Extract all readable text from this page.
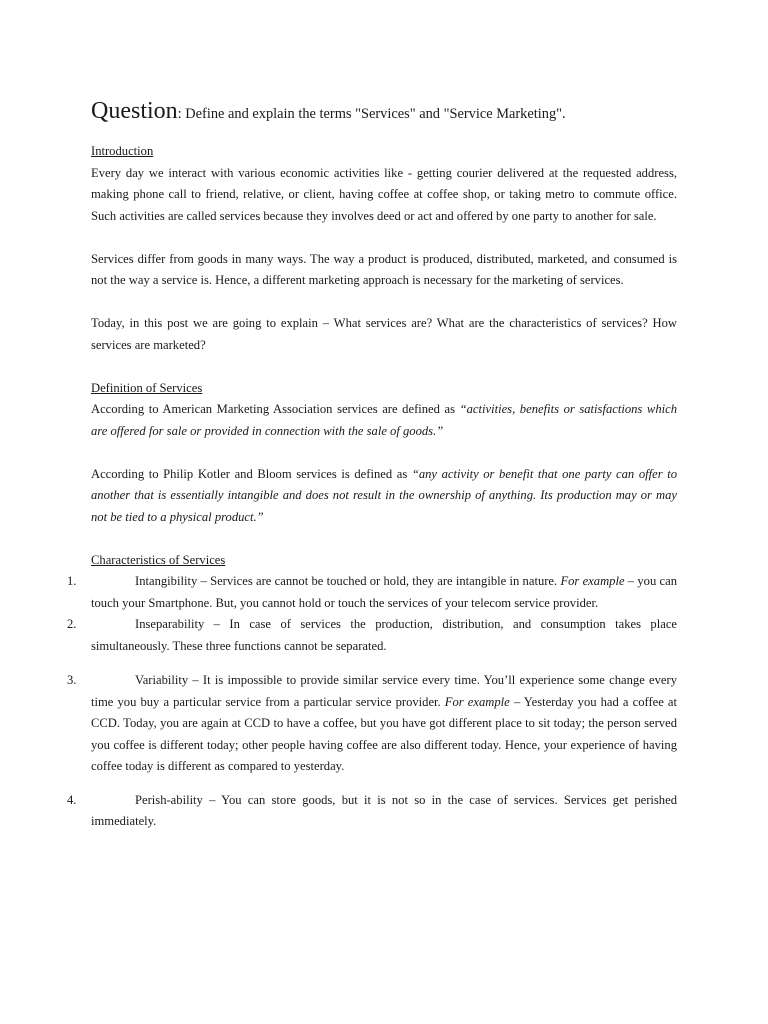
Question: Define and explain the terms "Services" and "Service Marketing".

Introduction

Every day we interact with various economic activities like - getting courier delivered at the requested address, making phone call to friend, relative, or client, having coffee at coffee shop, or taking metro to commute office. Such activities are called services because they involves deed or act and offered by one party to another for sale.

Services differ from goods in many ways. The way a product is produced, distributed, marketed, and consumed is not the way a service is. Hence, a different marketing approach is necessary for the marketing of services.

Today, in this post we are going to explain – What services are? What are the characteristics of services? How services are marketed?

Definition of Services

According to American Marketing Association services are defined as “activities, benefits or satisfactions which are offered for sale or provided in connection with the sale of goods.”

According to Philip Kotler and Bloom services is defined as “any activity or benefit that one party can offer to another that is essentially intangible and does not result in the ownership of anything. Its production may or may not be tied to a physical product.”

Characteristics of Services

1.	Intangibility – Services are cannot be touched or hold, they are intangible in nature. For example – you can touch your Smartphone. But, you cannot hold or touch the services of your telecom service provider.

2.	Inseparability – In case of services the production, distribution, and consumption takes place simultaneously. These three functions cannot be separated.

3.	Variability – It is impossible to provide similar service every time. You’ll experience some change every time you buy a particular service from a particular service provider. For example – Yesterday you had a coffee at CCD. Today, you are again at CCD to have a coffee, but you have got different place to sit today; the person served you coffee is different today; other people having coffee are also different today. Hence, your experience of having coffee today is different as compared to yesterday.

4.	Perish-ability – You can store goods, but it is not so in the case of services. Services get perished immediately.
